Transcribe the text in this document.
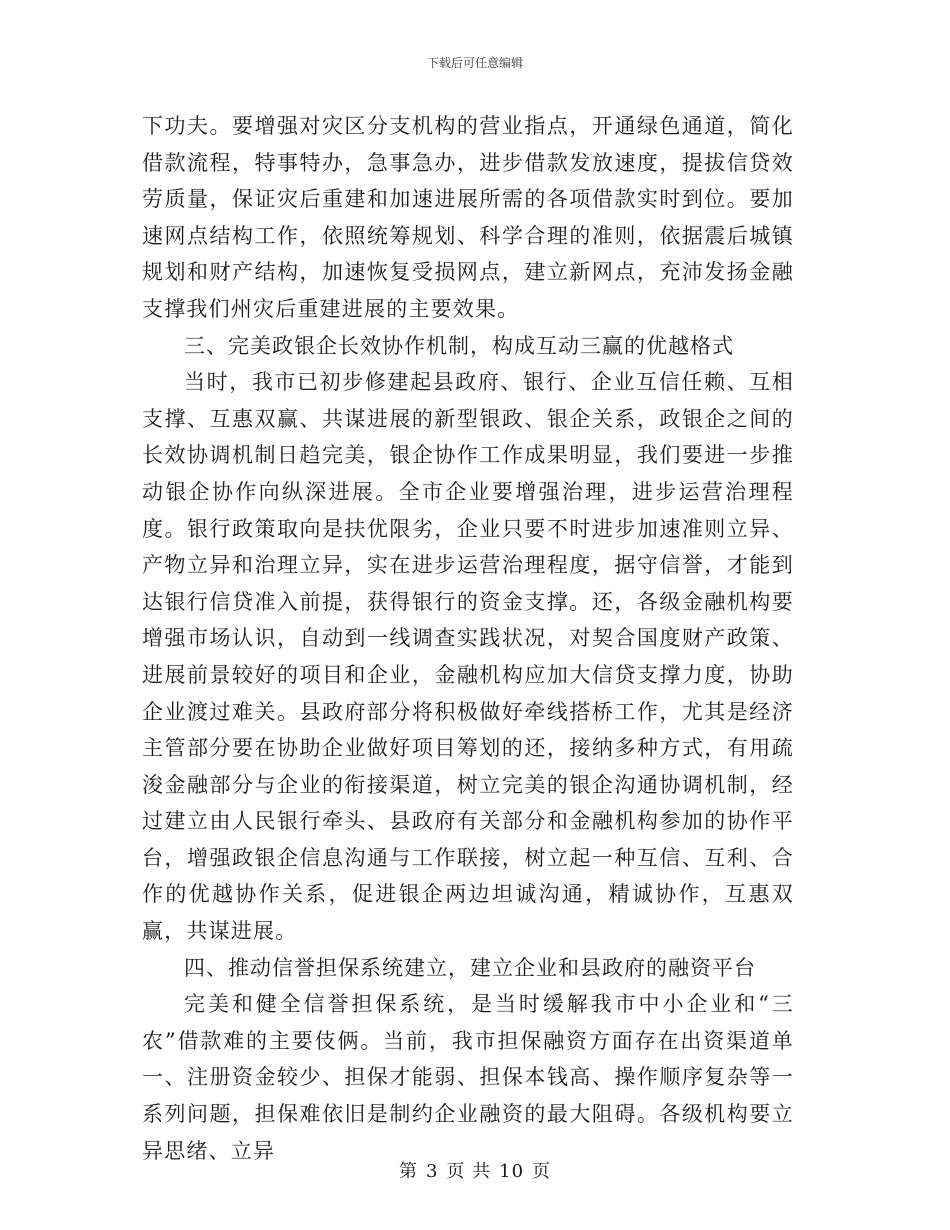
下载后可任意编辑

下功夫。要增强对灾区分支机构的营业指点，开通绿色通道，简化借款流程，特事特办，急事急办，进步借款发放速度，提拔信贷效劳质量，保证灾后重建和加速进展所需的各项借款实时到位。要加速网点结构工作，依照统筹规划、科学合理的准则，依据震后城镇规划和财产结构，加速恢复受损网点，建立新网点，充沛发扬金融支撑我们州灾后重建进展的主要效果。

三、完美政银企长效协作机制，构成互动三赢的优越格式

当时，我市已初步修建起县政府、银行、企业互信任赖、互相支撑、互惠双赢、共谋进展的新型银政、银企关系，政银企之间的长效协调机制日趋完美，银企协作工作成果明显，我们要进一步推动银企协作向纵深进展。全市企业要增强治理，进步运营治理程度。银行政策取向是扶优限劣，企业只要不时进步加速准则立异、产物立异和治理立异，实在进步运营治理程度，据守信誉，才能到达银行信贷准入前提，获得银行的资金支撑。还，各级金融机构要增强市场认识，自动到一线调查实践状况，对契合国度财产政策、进展前景较好的项目和企业，金融机构应加大信贷支撑力度，协助企业渡过难关。县政府部分将积极做好牵线搭桥工作，尤其是经济主管部分要在协助企业做好项目筹划的还，接纳多种方式，有用疏浚金融部分与企业的衔接渠道，树立完美的银企沟通协调机制，经过建立由人民银行牵头、县政府有关部分和金融机构参加的协作平台，增强政银企信息沟通与工作联接，树立起一种互信、互利、合作的优越协作关系，促进银企两边坦诚沟通，精诚协作，互惠双赢，共谋进展。

四、推动信誉担保系统建立，建立企业和县政府的融资平台

完美和健全信誉担保系统，是当时缓解我市中小企业和“三农”借款难的主要伎俩。当前，我市担保融资方面存在出资渠道单一、注册资金较少、担保才能弱、担保本钱高、操作顺序复杂等一系列问题，担保难依旧是制约企业融资的最大阻碍。各级机构要立异思绪、立异

第 3 页 共 10 页
